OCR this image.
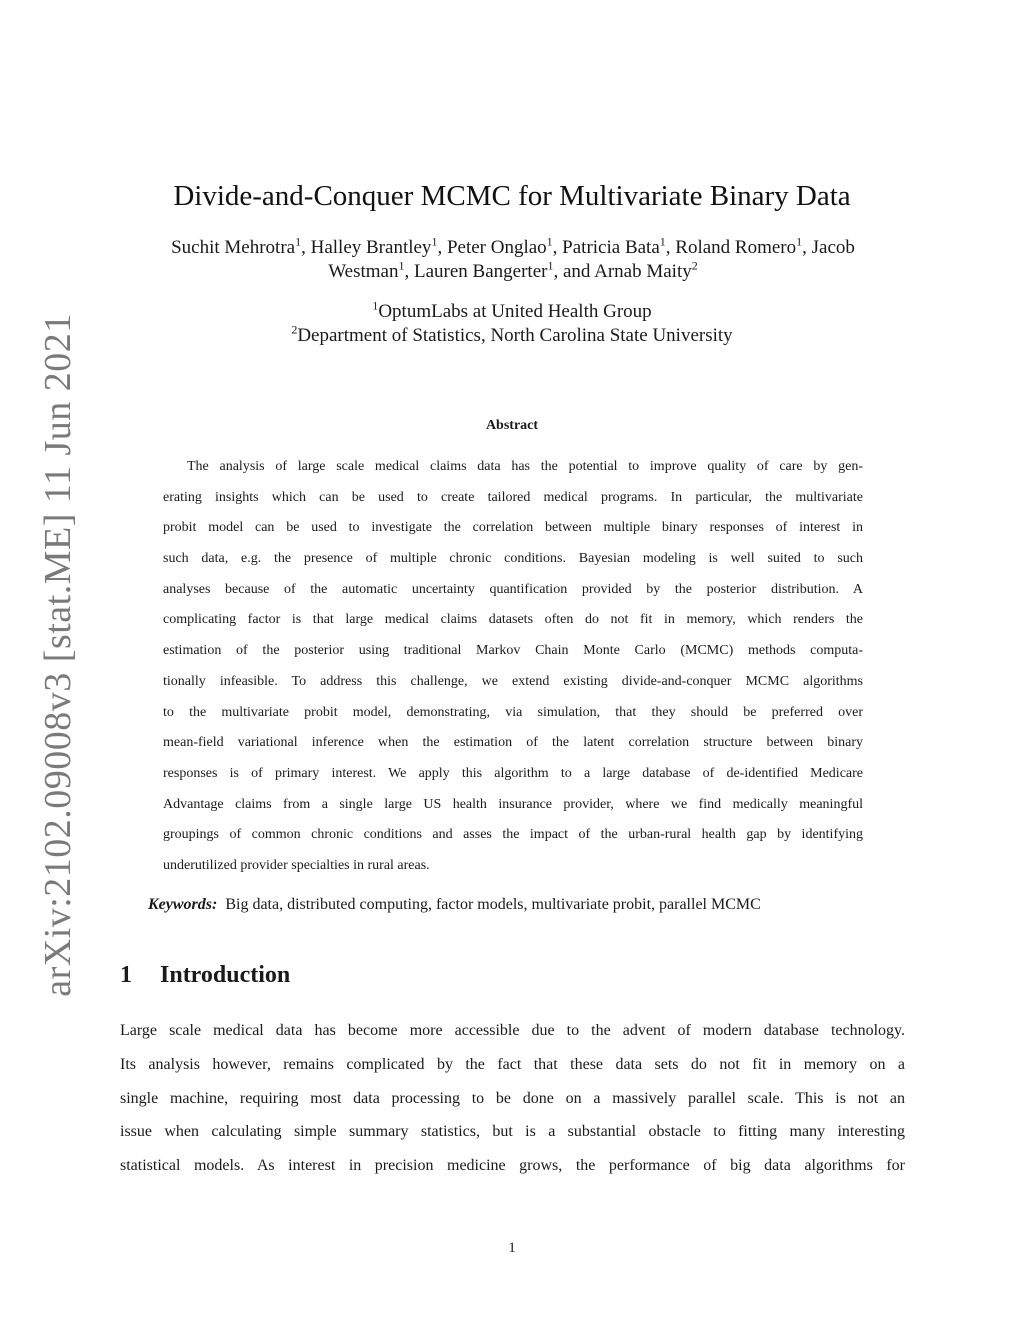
arXiv:2102.09008v3 [stat.ME] 11 Jun 2021
Divide-and-Conquer MCMC for Multivariate Binary Data
Suchit Mehrotra$^1$, Halley Brantley$^1$, Peter Onglao$^1$, Patricia Bata$^1$, Roland Romero$^1$, Jacob
Westman$^1$, Lauren Bangerter$^1$, and Arnab Maity$^2$
$^1$OptumLabs at United Health Group
$^2$Department of Statistics, North Carolina State University
Abstract
The analysis of large scale medical claims data has the potential to improve quality of care by gen-
erating insights which can be used to create tailored medical programs. In particular, the multivariate
probit model can be used to investigate the correlation between multiple binary responses of interest in
such data, e.g. the presence of multiple chronic conditions. Bayesian modeling is well suited to such
analyses because of the automatic uncertainty quantification provided by the posterior distribution. A
complicating factor is that large medical claims datasets often do not fit in memory, which renders the
estimation of the posterior using traditional Markov Chain Monte Carlo (MCMC) methods computa-
tionally infeasible. To address this challenge, we extend existing divide-and-conquer MCMC algorithms
to the multivariate probit model, demonstrating, via simulation, that they should be preferred over
mean-field variational inference when the estimation of the latent correlation structure between binary
responses is of primary interest. We apply this algorithm to a large database of de-identified Medicare
Advantage claims from a single large US health insurance provider, where we find medically meaningful
groupings of common chronic conditions and asses the impact of the urban-rural health gap by identifying
underutilized provider specialties in rural areas.
Keywords: Big data, distributed computing, factor models, multivariate probit, parallel MCMC
1 Introduction
Large scale medical data has become more accessible due to the advent of modern database technology.
Its analysis however, remains complicated by the fact that these data sets do not fit in memory on a
single machine, requiring most data processing to be done on a massively parallel scale. This is not an
issue when calculating simple summary statistics, but is a substantial obstacle to fitting many interesting
statistical models. As interest in precision medicine grows, the performance of big data algorithms for
1
